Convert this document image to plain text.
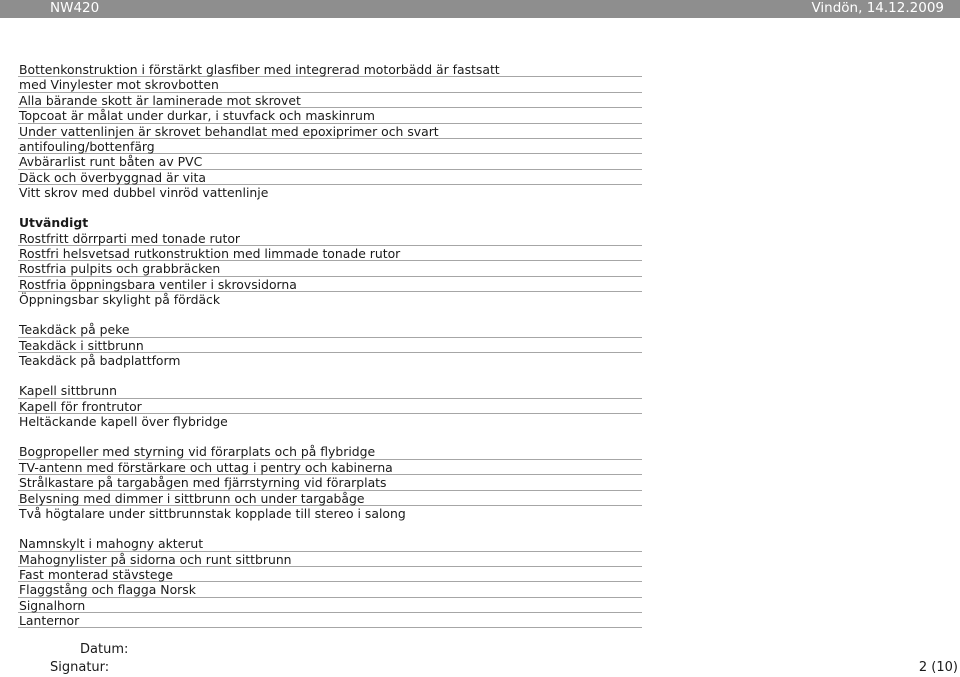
NW420	Vindön, 14.12.2009
Bottenkonstruktion i förstärkt glasfiber med integrerad motorbädd är fastsatt
med Vinylester mot skrovbotten
Alla bärande skott är laminerade mot skrovet
Topcoat är målat under durkar, i stuvfack och maskinrum
Under vattenlinjen är skrovet behandlat med epoxiprimer och svart
antifouling/bottenfärg
Avbärarlist runt båten av PVC
Däck och överbyggnad är vita
Vitt skrov med dubbel vinröd vattenlinje
Utvändigt
Rostfritt dörrparti med tonade rutor
Rostfri helsvetsad rutkonstruktion med limmade tonade rutor
Rostfria pulpits och grabbräcken
Rostfria öppningsbara ventiler i skrovsidorna
Öppningsbar skylight på fördäck
Teakdäck på peke
Teakdäck i sittbrunn
Teakdäck på badplattform
Kapell sittbrunn
Kapell för frontrutor
Heltäckande kapell över flybridge
Bogpropeller med styrning vid förarplats och på flybridge
TV-antenn med förstärkare och uttag i pentry och kabinerna
Strålkastare på targabågen med fjärrstyrning vid förarplats
Belysning med dimmer i sittbrunn och under targabåge
Två högtalare under sittbrunnstak kopplade till stereo i salong
Namnskylt i mahogny akterut
Mahognylister på sidorna och runt sittbrunn
Fast monterad stävstege
Flaggstång och flagga Norsk
Signalhorn
Lanternor
Datum:
Signatur:	2 (10)
